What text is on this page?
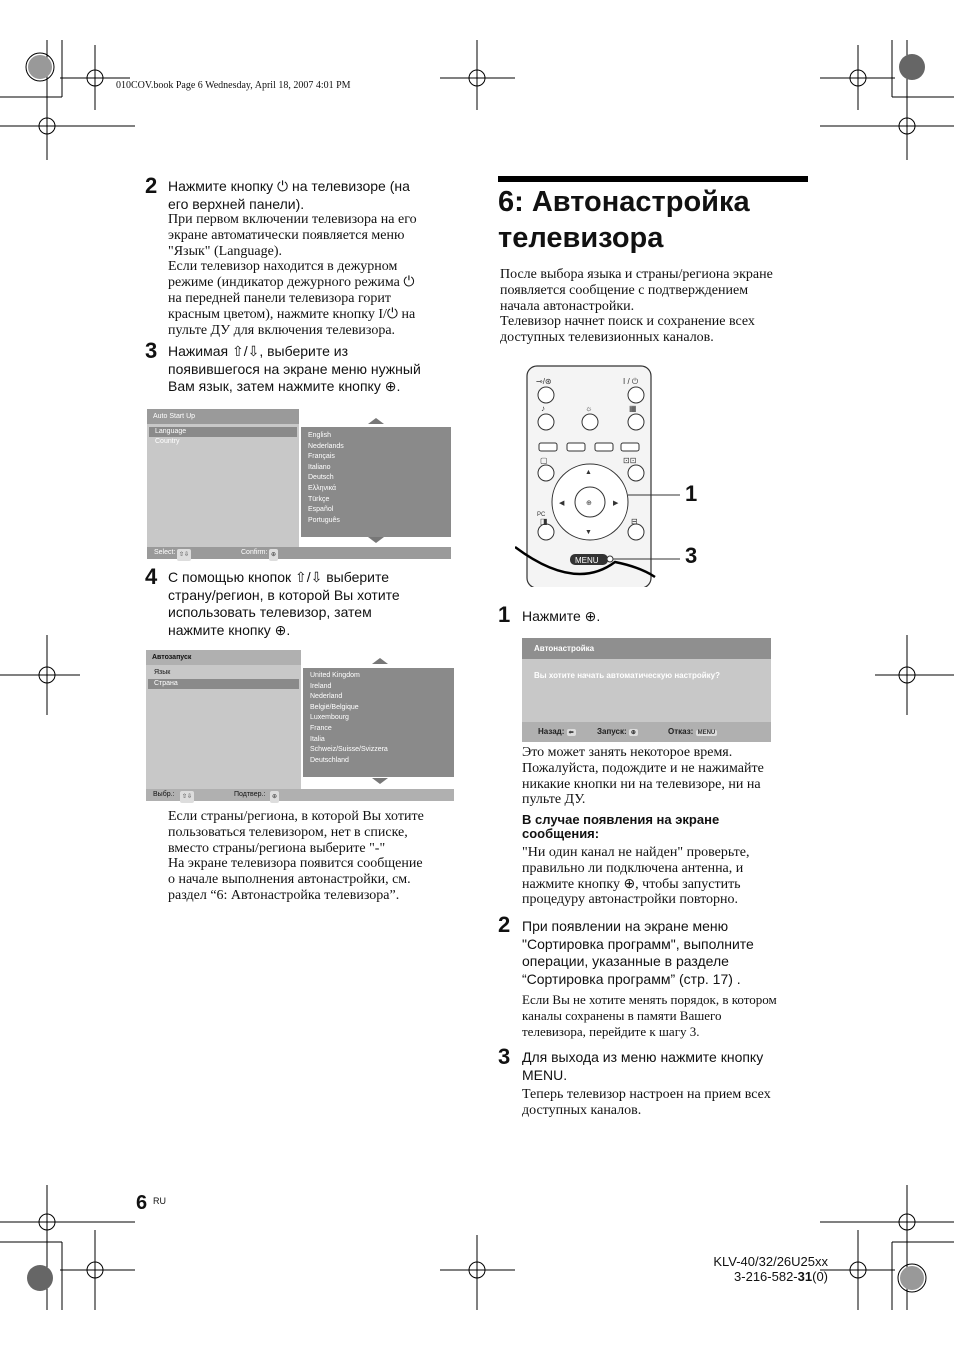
010COV.book Page 6 Wednesday, April 18, 2007 4:01 PM
2 Нажмите кнопку ⏻ на телевизоре (на
его верхней панели).
При первом включении телевизора на его
экране автоматически появляется меню
"Язык" (Language).
Если телевизор находится в дежурном
режиме (индикатор дежурного режима ⏻
на передней панели телевизора горит
красным цветом), нажмите кнопку I/⏻ на
пульте ДУ для включения телевизора.
3 Нажимая ⇧/⇩, выберите из
появившегося на экране меню нужный
Вам язык, затем нажмите кнопку ⊕.
Auto Start Up
Language
Country
Select: ⇧⇩	Confirm: ⊕
English
Nederlands
Français
Italiano
Deutsch
Ελληνικά
Türkçe
Español
Português
4 С помощью кнопок ⇧/⇩ выберите
страну/регион, в которой Вы хотите
использовать телевизор, затем
нажмите кнопку ⊕.
Автозапуск
Язык
Страна
Выбр.:	⇧⇩	Подтвер.:	⊕
United Kingdom
Ireland
Nederland
België/Belgique
Luxembourg
France
Italia
Schweiz/Suisse/Svizzera
Deutschland
Если страны/региона, в которой Вы хотите
пользоваться телевизором, нет в списке,
вместо страны/региона выберите "-"
На экране телевизора появится сообщение
о начале выполнения автонастройки, см.
раздел “6: Автонастройка телевизора”.
6: Автонастройка
телевизора
После выбора языка и страны/региона экране
появляется сообщение с подтверждением
начала автонастройки.
Телевизор начнет поиск и сохранение всех
доступных телевизионных каналов.
▲
▼
◀	▶
⊕
⊸/⊛	I / ⏻
♪	☼	▦
▢	⊡⊡
PC
◨	⊟
MENU
1
3
1 Нажмите ⊕.
Автонастройка
Вы хотите начать автоматическую настройку?
Назад: ⬅	Запуск: ⊕	Отказ: MENU
Это может занять некоторое время.
Пожалуйста, подождите и не нажимайте
никакие кнопки ни на телевизоре, ни на
пульте ДУ.
В случае появления на экране
сообщения:
"Ни один канал не найден" проверьте,
правильно ли подключена антенна, и
нажмите кнопку ⊕, чтобы запустить
процедуру автонастройки повторно.
2 При появлении на экране меню
"Сортировка программ", выполните
операции, указанные в разделе
“Сортировка программ” (стр. 17) .
Если Вы не хотите менять порядок, в котором
каналы сохранены в памяти Вашего
телевизора, перейдите к шагу 3.
3 Для выхода из меню нажмите кнопку
MENU.
Теперь телевизор настроен на прием всех
доступных каналов.
6 RU
KLV-40/32/26U25xx
3-216-582-31(0)
